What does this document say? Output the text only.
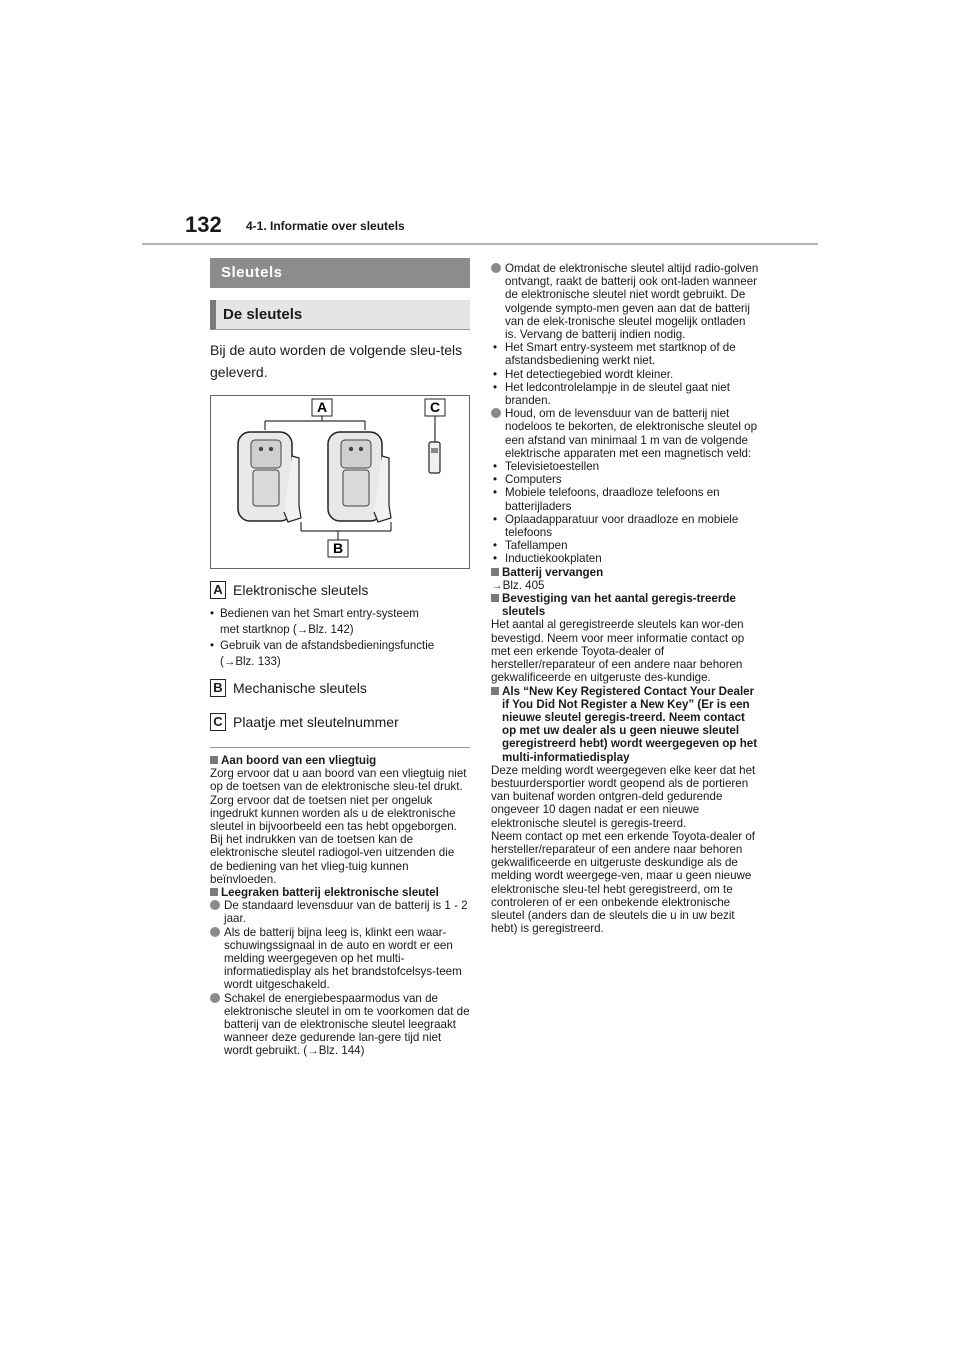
132 4-1. Informatie over sleutels
Sleutels
De sleutels
Bij de auto worden de volgende sleu-tels geleverd.
A	C
B
A Elektronische sleutels
• Bedienen van het Smart entry-systeem
met startknop (→Blz. 142)
• Gebruik van de afstandsbedieningsfunctie
(→Blz. 133)
B Mechanische sleutels
C Plaatje met sleutelnummer
Aan boord van een vliegtuig
Zorg ervoor dat u aan boord van een vliegtuig niet op de toetsen van de elektronische sleu-tel drukt. Zorg ervoor dat de toetsen niet per ongeluk ingedrukt kunnen worden als u de elektronische sleutel in bijvoorbeeld een tas hebt opgeborgen. Bij het indrukken van de toetsen kan de elektronische sleutel radiogol-ven uitzenden die de bediening van het vlieg-tuig kunnen beïnvloeden.
Leegraken batterij elektronische sleutel
De standaard levensduur van de batterij is 1 - 2 jaar.
Als de batterij bijna leeg is, klinkt een waar-schuwingssignaal in de auto en wordt er een melding weergegeven op het multi-informatiedisplay als het brandstofcelsys-teem wordt uitgeschakeld.
Schakel de energiebespaarmodus van de elektronische sleutel in om te voorkomen dat de batterij van de elektronische sleutel leegraakt wanneer deze gedurende lan-gere tijd niet wordt gebruikt. (→Blz. 144)
Omdat de elektronische sleutel altijd radio-golven ontvangt, raakt de batterij ook ont-laden wanneer de elektronische sleutel niet wordt gebruikt. De volgende sympto-men geven aan dat de batterij van de elek-tronische sleutel mogelijk ontladen is. Vervang de batterij indien nodig.
• Het Smart entry-systeem met startknop of de afstandsbediening werkt niet.
• Het detectiegebied wordt kleiner.
• Het ledcontrolelampje in de sleutel gaat niet branden.
Houd, om de levensduur van de batterij niet nodeloos te bekorten, de elektronische sleutel op een afstand van minimaal 1 m van de volgende elektrische apparaten met een magnetisch veld:
• Televisietoestellen
• Computers
• Mobiele telefoons, draadloze telefoons en batterijladers
• Oplaadapparatuur voor draadloze en mobiele telefoons
• Tafellampen
• Inductiekookplaten
Batterij vervangen
→Blz. 405
Bevestiging van het aantal geregis-treerde sleutels
Het aantal al geregistreerde sleutels kan wor-den bevestigd. Neem voor meer informatie contact op met een erkende Toyota-dealer of hersteller/reparateur of een andere naar behoren gekwalificeerde en uitgeruste des-kundige.
Als “New Key Registered Contact Your Dealer if You Did Not Register a New Key” (Er is een nieuwe sleutel geregis-treerd. Neem contact op met uw dealer als u geen nieuwe sleutel geregistreerd hebt) wordt weergegeven op het multi-informatiedisplay
Deze melding wordt weergegeven elke keer dat het bestuurdersportier wordt geopend als de portieren van buitenaf worden ontgren-deld gedurende ongeveer 10 dagen nadat er een nieuwe elektronische sleutel is geregis-treerd.
Neem contact op met een erkende Toyota-dealer of hersteller/reparateur of een andere naar behoren gekwalificeerde en uitgeruste deskundige als de melding wordt weergege-ven, maar u geen nieuwe elektronische sleu-tel hebt geregistreerd, om te controleren of er een onbekende elektronische sleutel (anders dan de sleutels die u in uw bezit hebt) is geregistreerd.
